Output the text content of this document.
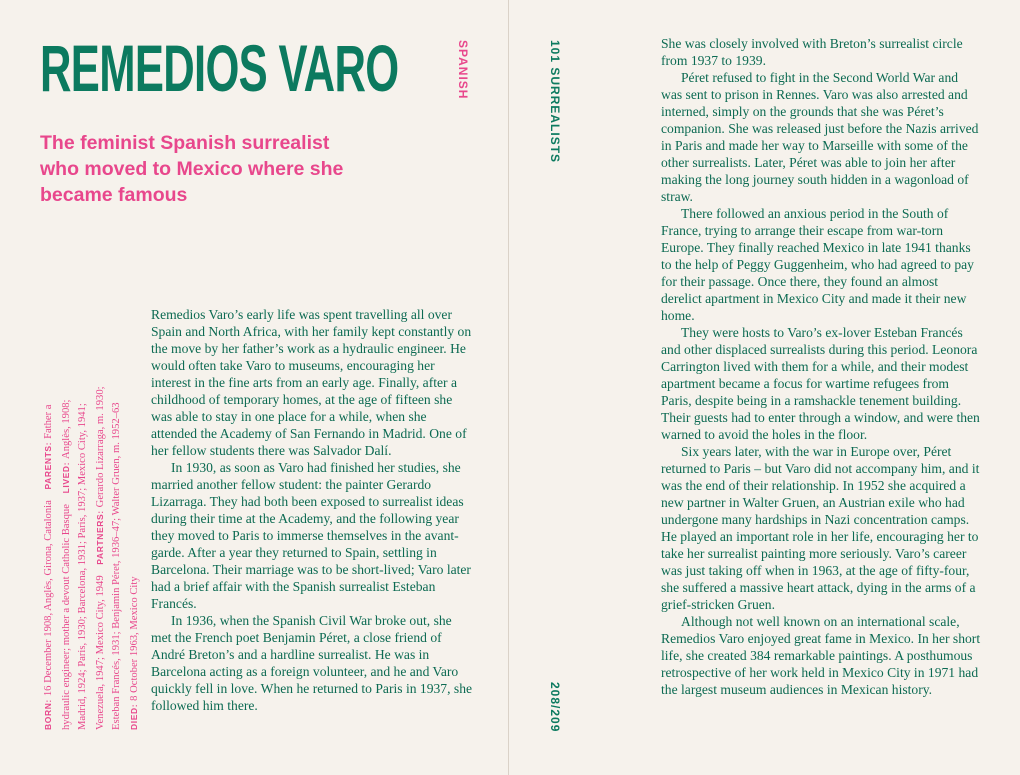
REMEDIOS VARO
The feminist Spanish surrealist who moved to Mexico where she became famous
SPANISH
BORN:16 December 1908, Anglès, Girona, Catalonia PARENTS:Father a hydraulic engineer; mother a devout Catholic Basque LIVED:Anglès, 1908; Madrid, 1924; Paris, 1930; Barcelona, 1931; Paris, 1937; Mexico City, 1941; Venezuela, 1947; Mexico City, 1949 PARTNERS:Gerardo Lizarraga, m. 1930; Esteban Francés, 1931; Benjamin Péret, 1936–47; Walter Gruen, m. 1952–63 DIED:8 October 1963, Mexico City

Remedios Varo’s early life was spent travelling all over Spain and North Africa, with her family kept constantly on the move by her father’s work as a hydraulic engineer. He would often take Varo to museums, encouraging her interest in the fine arts from an early age. Finally, after a childhood of temporary homes, at the age of fifteen she was able to stay in one place for a while, when she attended the Academy of San Fernando in Madrid. One of her fellow students there was Salvador Dalí.

In 1930, as soon as Varo had finished her studies, she married another fellow student: the painter Gerardo Lizarraga. They had both been exposed to surrealist ideas during their time at the Academy, and the following year they moved to Paris to immerse themselves in the avant-garde. After a year they returned to Spain, settling in Barcelona. Their marriage was to be short-lived; Varo later had a brief affair with the Spanish surrealist Esteban Francés.

In 1936, when the Spanish Civil War broke out, she met the French poet Benjamin Péret, a close friend of André Breton’s and a hardline surrealist. He was in Barcelona acting as a foreign volunteer, and he and Varo quickly fell in love. When he returned to Paris in 1937, she followed him there.

101 SURREALISTS
208/209

She was closely involved with Breton’s surrealist circle from 1937 to 1939.

Péret refused to fight in the Second World War and was sent to prison in Rennes. Varo was also arrested and interned, simply on the grounds that she was Péret’s companion. She was released just before the Nazis arrived in Paris and made her way to Marseille with some of the other surrealists. Later, Péret was able to join her after making the long journey south hidden in a wagonload of straw.

There followed an anxious period in the South of France, trying to arrange their escape from war-torn Europe. They finally reached Mexico in late 1941 thanks to the help of Peggy Guggenheim, who had agreed to pay for their passage. Once there, they found an almost derelict apartment in Mexico City and made it their new home.

They were hosts to Varo’s ex-lover Esteban Francés and other displaced surrealists during this period. Leonora Carrington lived with them for a while, and their modest apartment became a focus for wartime refugees from Paris, despite being in a ramshackle tenement building. Their guests had to enter through a window, and were then warned to avoid the holes in the floor.

Six years later, with the war in Europe over, Péret returned to Paris – but Varo did not accompany him, and it was the end of their relationship. In 1952 she acquired a new partner in Walter Gruen, an Austrian exile who had undergone many hardships in Nazi concentration camps. He played an important role in her life, encouraging her to take her surrealist painting more seriously. Varo’s career was just taking off when in 1963, at the age of fifty-four, she suffered a massive heart attack, dying in the arms of a grief-stricken Gruen.

Although not well known on an international scale, Remedios Varo enjoyed great fame in Mexico. In her short life, she created 384 remarkable paintings. A posthumous retrospective of her work held in Mexico City in 1971 had the largest museum audiences in Mexican history.
